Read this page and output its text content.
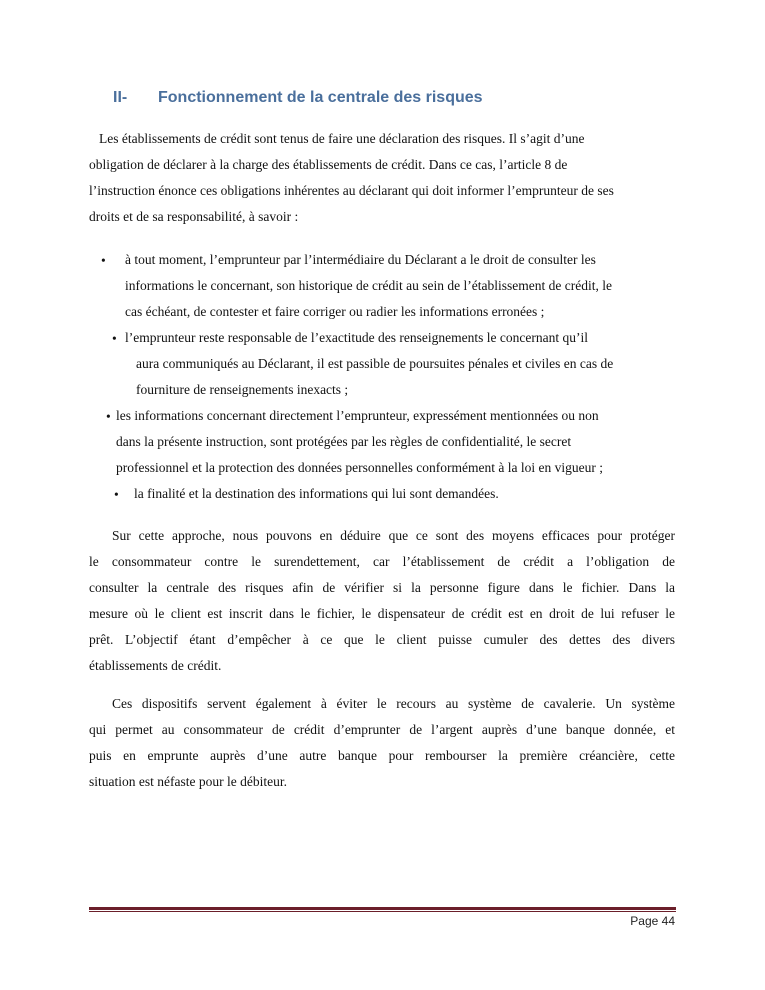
II- Fonctionnement de la centrale des risques
Les établissements de crédit sont tenus de faire une déclaration des risques. Il s’agit d’une
obligation de déclarer à la charge des établissements de crédit. Dans ce cas, l’article 8 de
l’instruction énonce ces obligations inhérentes au déclarant qui doit informer l’emprunteur de ses
droits et de sa responsabilité, à savoir :
• à tout moment, l’emprunteur par l’intermédiaire du Déclarant a le droit de consulter les
informations le concernant, son historique de crédit au sein de l’établissement de crédit, le
cas échéant, de contester et faire corriger ou radier les informations erronées ;
• l’emprunteur reste responsable de l’exactitude des renseignements le concernant qu’il
aura communiqués au Déclarant, il est passible de poursuites pénales et civiles en cas de
fourniture de renseignements inexacts ;
• les informations concernant directement l’emprunteur, expressément mentionnées ou non
dans la présente instruction, sont protégées par les règles de confidentialité, le secret
professionnel et la protection des données personnelles conformément à la loi en vigueur ;
• la finalité et la destination des informations qui lui sont demandées.
Sur cette approche, nous pouvons en déduire que ce sont des moyens efficaces pour protéger
le consommateur contre le surendettement, car l’établissement de crédit a l’obligation de
consulter la centrale des risques afin de vérifier si la personne figure dans le fichier. Dans la
mesure où le client est inscrit dans le fichier, le dispensateur de crédit est en droit de lui refuser le
prêt. L’objectif étant d’empêcher à ce que le client puisse cumuler des dettes des divers
établissements de crédit.
Ces dispositifs servent également à éviter le recours au système de cavalerie. Un système
qui permet au consommateur de crédit d’emprunter de l’argent auprès d’une banque donnée, et
puis en emprunte auprès d’une autre banque pour rembourser la première créancière, cette
situation est néfaste pour le débiteur.
Page 44
